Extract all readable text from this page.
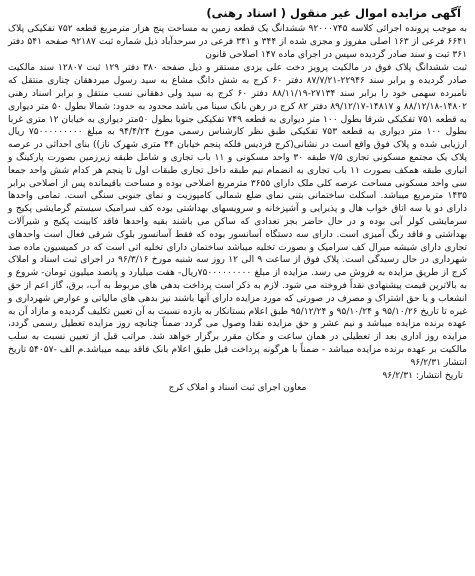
آگهی مزایده اموال غیر منقول ( اسناد رهنی)

به موجب پرونده اجرائی کلاسه ۹۲۰۰۰۷۴۵ ششدانگ یک قطعه زمین به مساحت پنج هزار مترمربع قطعه ۷۵۲ تفکیکی پلاک ۶۶۴۱ فرعی از ۱۶۳ اصلی مفروز و مجزی شده از ۳۴۴ و ۳۴۱ فرعی در سرحدآباد ذیل شماره ثبت ۹۲۱۸۷ صفحه ۵۴۱ دفتر ۳۶۱ ثبت و سند صادر گردیده سپس در اجرای ماده ۱۴۷ اصلاحی قانون

ثبت ششدانگ پلاک فوق در مالکیت پرویز دخت علی یزدی مستقر و ذیل صفحه ۳۸۰ دفتر ۱۲۹ ثبت ۱۲۸۰۷ سند مالکیت صادر گردیده و برابر سند ۲۲۹۴۶-۸۷/۷/۲۱ دفتر ۶۰ کرج به شش دانگ مشاع به سید رسول میردهقان چناری منتقل که نامبرده سهمی خود را برابر سند ۲۷۱۳۴-۸۸/۱۱/۱۹ دفتر ۶۰ کرج به سید ولی دهقانی نسب منتقل و برابر اسناد رهنی ۱۴۸۰۲-۸۸/۱۲/۱۸ و ۱۴۸۱۷-۸۹/۱۲/۱۷ دفتر ۸۲ کرج در رهن بانک سینا می باشد محدود به حدود: شمالا بطول ۵۰ متر دیواری به قطعه ۷۵۱ تفکیکی شرقا بطول ۱۰۰ متر دیواری به قطعه ۷۴۹ تفکیکی جنوبا بطول ۵۰متر دیواری به خیابان ۱۲ متری غربا بطول ۱۰۰ متر دیواری به قطعه ۷۵۳ تفکیکی طبق نظر کارشناس رسمی مورخ ۹۴/۴/۲۴ به مبلغ ۷۵۰۰۰۰۰۰۰۰۰ ریال ارزیابی شده و پلاک فوق واقع است در نشانی(کرج فردیس فلکه پنجم خیابان ۴۴ متری شهرک ناز)) بنای احداثی در عرصه پلاک یک مجتمع مسکونی تجاری ۷/۵ طبقه ۳۰ واحد مسکونی و ۱۱ باب تجاری و شامل طبقه زیرزمین بصورت پارکینگ و انباری طبقه همکف بصورت ۱۱ باب تجاری به انضمام نیم طبقه داخل تجاری طبقات اول تا پنجم هر کدام شش واحد جمعا سی واحد مسکونی مساحت عرصه کلی ملک دارای ۳۶۵۵ مترمربع اصلاحی بوده و مساحت باقیمانده پس از اصلاحی برابر ۱۴۳۵ مترمربع میباشد. اسکلت ساختمانی بتنی نمای ضلع شمالی کامپوزیت و نمای جنوبی سنگی است. تمامی واحدها دارای دو یا سه اتاق خواب هال و پذیرایی و آشپزخانه و سرویسهای بهداشتی بوده کف سرامیک سیستم گرمایشی پکیج و سرمایشی کولر آبی بوده و در حال حاضر بجز تعدادی که ساکن می باشند بقیه واحدها فاقد کابینت پکیج و شیرآلات بهداشتی و فاقد رنگ آمیزی است. دارای سه دستگاه آسانسور بوده که فقط آسانسور بلوک شرقی فعال است واحدهای تجاری دارای شیشه میرال کف سرامیک و بصورت تخلیه میباشد ساختمان دارای تخلیه اتی است که در کمیسیون ماده صد شهرداری در حال رسیدگی است. پلاک فوق از ساعت ۹ الی ۱۲ روز سه شنبه مورخ ۹۶/۳/۱۶ در اجرای ثبت اسناد و املاک کرج از طریق مزایده به فروش می رسد. مزایده از مبلغ ۷۵۰۰۰۰۰۰۰۰۰ریال- هفت میلیارد و پانصد میلیون تومان- شروع و به بالاترین قیمت پیشنهادی نقداً فروخته می شود. لازم به ذکر است پرداخت بدهی های مربوط به آب، برق، گاز اعم از حق انشعاب و یا حق اشتراک و مصرف در صورتی که مورد مزایده دارای آنها باشند نیز بدهی های مالیاتی و عوارض شهرداری و غیره تا تاریخ ۹۵/۱۰/۲۶ و ۹۵/۱۰/۲۴ و ۹۵/۱۲/۲۴ طبق اعلام بستانکار به بازده نسبت به آن تعیین تکلیف گردیده و مازاد آن به عهده برنده مزایده میباشد و نیم عشر و حق مزایده نقدا وصول می گردد ضمناً چنانچه روز مزایده تعطیل رسمی گردد، مزایده روز اداری بعد از تعطیلی در همان ساعت و مکان مقرر برگزار خواهد شد. مراتب قبل از تعیین نسبت به سلب مالکیت بر عهده برنده مزایده میباشد - ضمناً با هرگونه پرداخت قبل طبق اعلام بانک فاقد بیمه میباشد.م الف -۵۴۰۵۷ تاریخ انتشار ۹۶/۲/۳۱

تاریخ انتشار: ۹۶/۲/۳۱
معاون اجرای ثبت اسناد و املاک کرج
